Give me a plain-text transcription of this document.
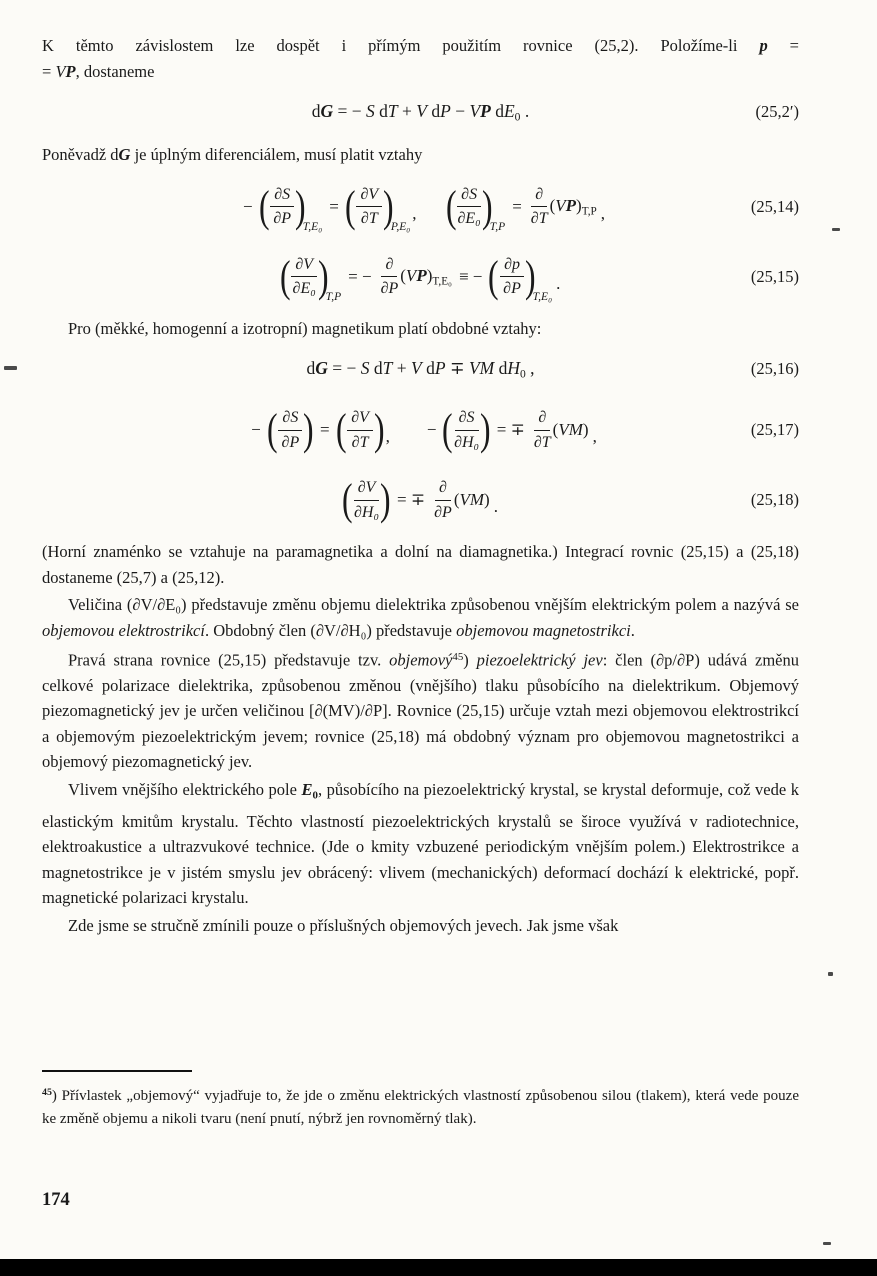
K těmto závislostem lze dospět i přímým použitím rovnice (25,2). Položíme-li p =
= VP, dostaneme

dG = − S dT + V dP − VP $dE_0$ .	(25,2′)

Poněvadž dG je úplným diferenciálem, musí platit vztahy

− ( $\frac{\partial S}{\partial P}$ )
T,E₀
= ( $\frac{\partial V}{\partial T}$ )
P,E₀
, ( $\frac{\partial S}{\text{∂E₀}}$ )
T,P
= $\frac{\partial}{\partial T} (VP)_{T,P}$ ,	(25,14)
( $\frac{\partial V}{\text{∂E₀}}$ )
T,P
= − $\frac{\partial}{\partial P} (VP)_{T,E_0}$ ≡ − ( $\frac{\partial p}{\partial P}$ )
T,E₀
.	(25,15)

Pro (měkké, homogenní a izotropní) magnetikum platí obdobné vztahy:

dG = − S dT + V dP ∓ VM $dH_0$ ,	(25,16)
− ( $\frac{\partial S}{\partial P}$ ) = ( $\frac{\partial V}{\partial T}$ ) , − ( $\frac{\partial S}{\text{∂H₀}}$ ) = ∓ $\frac{\partial}{\partial T} (VM)$ ,	(25,17)
( $\frac{\partial V}{\text{∂H₀}}$ ) = ∓ $\frac{\partial}{\partial P} (VM)$ .	(25,18)

(Horní znaménko se vztahuje na paramagnetika a dolní na diamagnetika.) Integrací rovnic (25,15) a (25,18) dostaneme (25,7) a (25,12).

Veličina (∂V/∂E₀) představuje změnu objemu dielektrika způsobenou vnějším elektrickým polem a nazývá se objemovou elektrostrikcí. Obdobný člen (∂V/∂H₀) představuje objemovou magnetostrikci.

Pravá strana rovnice (25,15) představuje tzv. objemový$^{45}$) piezoelektrický jev: člen (∂p/∂P) udává změnu celkové polarizace dielektrika, způsobenou změnou (vnějšího) tlaku působícího na dielektrikum. Objemový piezomagnetický jev je určen veličinou [∂(MV)/∂P]. Rovnice (25,15) určuje vztah mezi objemovou elektrostrikcí a objemovým piezoelektrickým jevem; rovnice (25,18) má obdobný význam pro objemovou magnetostrikci a objemový piezomagnetický jev.

Vlivem vnějšího elektrického pole $E_0$, působícího na piezoelektrický krystal, se krystal deformuje, což vede k elastickým kmitům krystalu. Těchto vlastností piezoelektrických krystalů se široce využívá v radiotechnice, elektroakustice a ultrazvukové technice. (Jde o kmity vzbuzené periodickým vnějším polem.) Elektrostrikce a magnetostrikce je v jistém smyslu jev obrácený: vlivem (mechanických) deformací dochází k elektrické, popř. magnetické polarizaci krystalu.

Zde jsme se stručně zmínili pouze o příslušných objemových jevech. Jak jsme však

$^{45}$) Přívlastek „objemový“ vyjadřuje to, že jde o změnu elektrických vlastností způsobenou silou (tlakem), která vede pouze ke změně objemu a nikoli tvaru (není pnutí, nýbrž jen rovnoměrný tlak).

174
